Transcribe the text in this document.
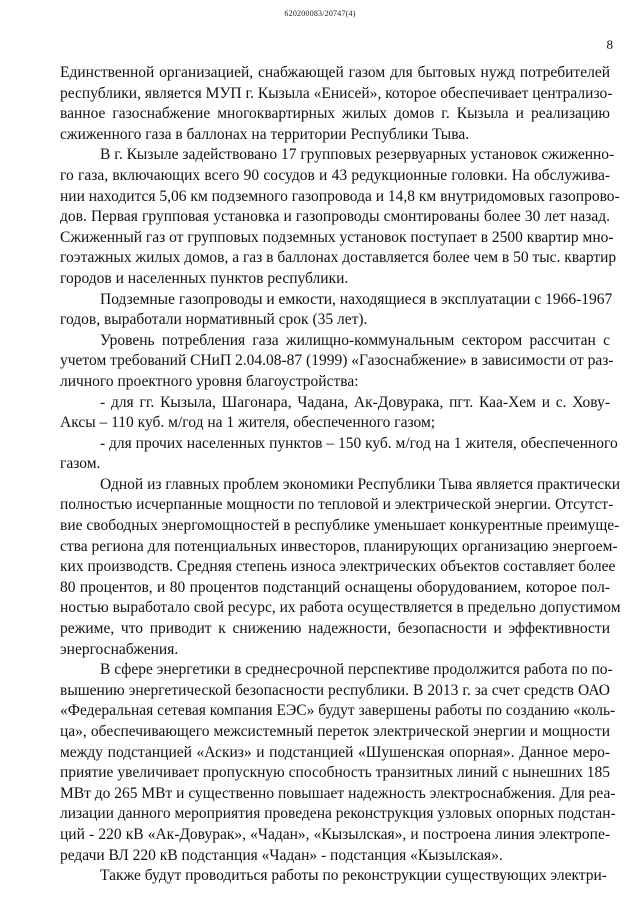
620200083/20747(4)
8
Единственной организацией, снабжающей газом для бытовых нужд потребителей
республики, является МУП г. Кызыла «Енисей», которое обеспечивает централизо-
ванное газоснабжение многоквартирных жилых домов г. Кызыла и реализацию
сжиженного газа в баллонах на территории Республики Тыва.
В г. Кызыле задействовано 17 групповых резервуарных установок сжиженно-
го газа, включающих всего 90 сосудов и 43 редукционные головки. На обслужива-
нии находится 5,06 км подземного газопровода и 14,8 км внутридомовых газопрово-
дов. Первая групповая установка и газопроводы смонтированы более 30 лет назад.
Сжиженный газ от групповых подземных установок поступает в 2500 квартир мно-
гоэтажных жилых домов, а газ в баллонах доставляется более чем в 50 тыс. квартир
городов и населенных пунктов республики.
Подземные газопроводы и емкости, находящиеся в эксплуатации с 1966-1967
годов, выработали нормативный срок (35 лет).
Уровень потребления газа жилищно-коммунальным сектором рассчитан с
учетом требований СНиП 2.04.08-87 (1999) «Газоснабжение» в зависимости от раз-
личного проектного уровня благоустройства:
- для гг. Кызыла, Шагонара, Чадана, Ак-Довурака, пгт. Каа-Хем и с. Хову-
Аксы – 110 куб. м/год на 1 жителя, обеспеченного газом;
- для прочих населенных пунктов – 150 куб. м/год на 1 жителя, обеспеченного
газом.
Одной из главных проблем экономики Республики Тыва является практически
полностью исчерпанные мощности по тепловой и электрической энергии. Отсутст-
вие свободных энергомощностей в республике уменьшает конкурентные преимуще-
ства региона для потенциальных инвесторов, планирующих организацию энергоем-
ких производств. Средняя степень износа электрических объектов составляет более
80 процентов, и 80 процентов подстанций оснащены оборудованием, которое пол-
ностью выработало свой ресурс, их работа осуществляется в предельно допустимом
режиме, что приводит к снижению надежности, безопасности и эффективности
энергоснабжения.
В сфере энергетики в среднесрочной перспективе продолжится работа по по-
вышению энергетической безопасности республики. В 2013 г. за счет средств ОАО
«Федеральная сетевая компания ЕЭС» будут завершены работы по созданию «коль-
ца», обеспечивающего межсистемный переток электрической энергии и мощности
между подстанцией «Аскиз» и подстанцией «Шушенская опорная». Данное меро-
приятие увеличивает пропускную способность транзитных линий с нынешних 185
МВт до 265 МВт и существенно повышает надежность электроснабжения. Для реа-
лизации данного мероприятия проведена реконструкция узловых опорных подстан-
ций - 220 кВ «Ак-Довурак», «Чадан», «Кызылская», и построена линия электропе-
редачи ВЛ 220 кВ подстанция «Чадан» - подстанция «Кызылская».
Также будут проводиться работы по реконструкции существующих электри-
